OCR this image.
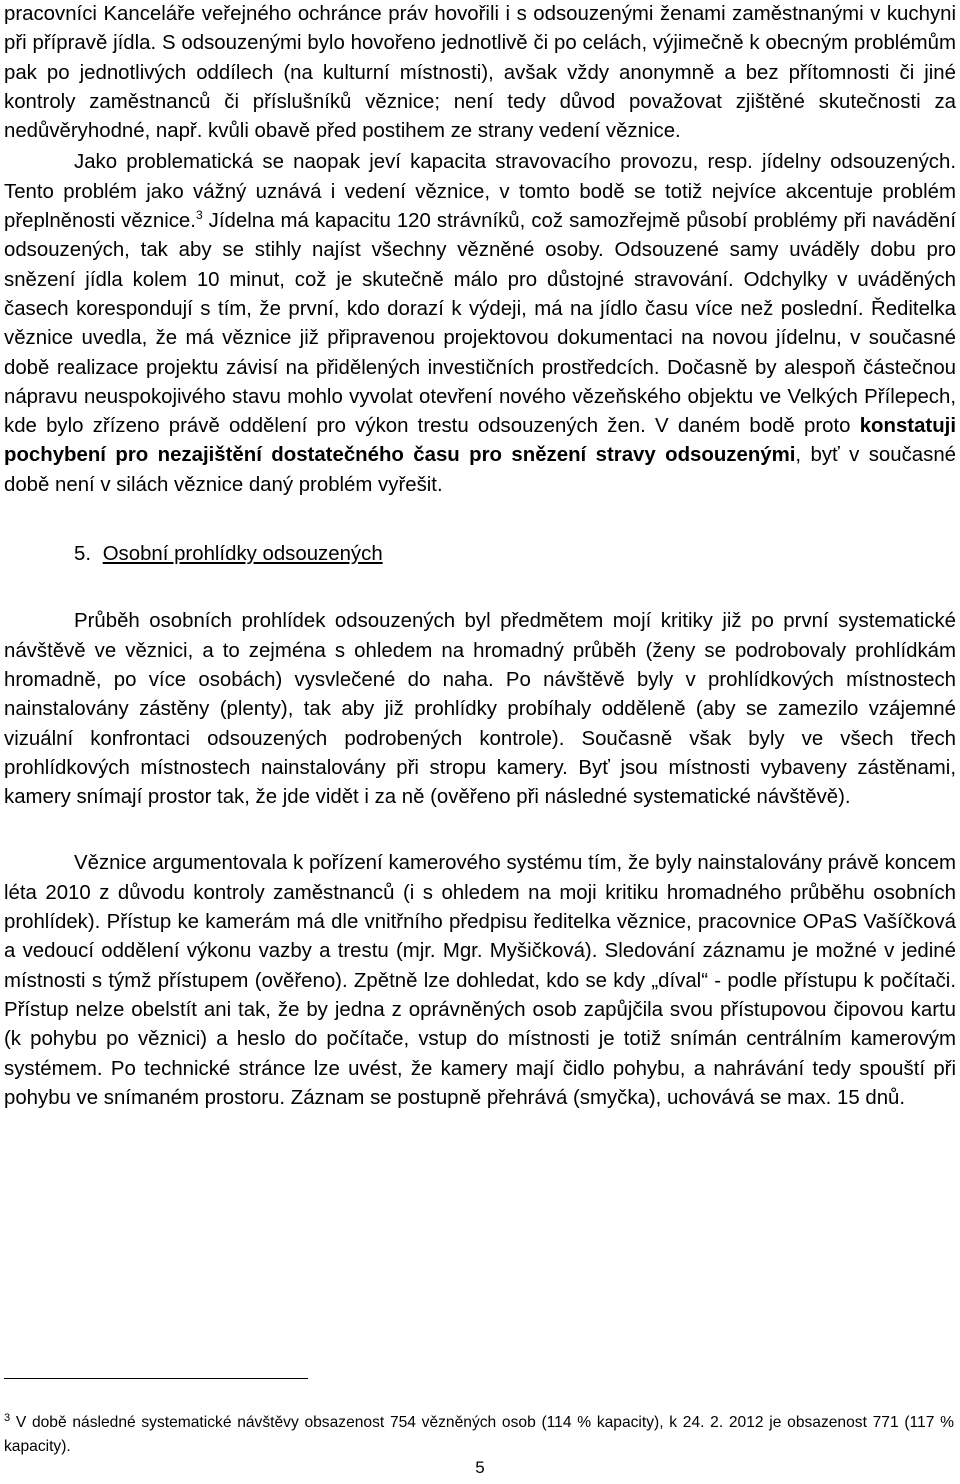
pracovníci Kanceláře veřejného ochránce práv hovořili i s odsouzenými ženami zaměstnanými v kuchyni při přípravě jídla. S odsouzenými bylo hovořeno jednotlivě či po celách, výjimečně k obecným problémům pak po jednotlivých oddílech (na kulturní místnosti), avšak vždy anonymně a bez přítomnosti či jiné kontroly zaměstnanců či příslušníků věznice; není tedy důvod považovat zjištěné skutečnosti za nedůvěryhodné, např. kvůli obavě před postihem ze strany vedení věznice.

Jako problematická se naopak jeví kapacita stravovacího provozu, resp. jídelny odsouzených. Tento problém jako vážný uznává i vedení věznice, v tomto bodě se totiž nejvíce akcentuje problém přeplněnosti věznice.$^3$ Jídelna má kapacitu 120 strávníků, což samozřejmě působí problémy při navádění odsouzených, tak aby se stihly najíst všechny vězněné osoby. Odsouzené samy uváděly dobu pro snězení jídla kolem 10 minut, což je skutečně málo pro důstojné stravování. Odchylky v uváděných časech korespondují s tím, že první, kdo dorazí k výdeji, má na jídlo času více než poslední. Ředitelka věznice uvedla, že má věznice již připravenou projektovou dokumentaci na novou jídelnu, v současné době realizace projektu závisí na přidělených investičních prostředcích. Dočasně by alespoň částečnou nápravu neuspokojivého stavu mohlo vyvolat otevření nového vězeňského objektu ve Velkých Přílepech, kde bylo zřízeno právě oddělení pro výkon trestu odsouzených žen. V daném bodě proto konstatuji pochybení pro nezajištění dostatečného času pro snězení stravy odsouzenými, byť v současné době není v silách věznice daný problém vyřešit.

5. Osobní prohlídky odsouzených

Průběh osobních prohlídek odsouzených byl předmětem mojí kritiky již po první systematické návštěvě ve věznici, a to zejména s ohledem na hromadný průběh (ženy se podrobovaly prohlídkám hromadně, po více osobách) vysvlečené do naha. Po návštěvě byly v prohlídkových místnostech nainstalovány zástěny (plenty), tak aby již prohlídky probíhaly odděleně (aby se zamezilo vzájemné vizuální konfrontaci odsouzených podrobených kontrole). Současně však byly ve všech třech prohlídkových místnostech nainstalovány při stropu kamery. Byť jsou místnosti vybaveny zástěnami, kamery snímají prostor tak, že jde vidět i za ně (ověřeno při následné systematické návštěvě).

Věznice argumentovala k pořízení kamerového systému tím, že byly nainstalovány právě koncem léta 2010 z důvodu kontroly zaměstnanců (i s ohledem na moji kritiku hromadného průběhu osobních prohlídek). Přístup ke kamerám má dle vnitřního předpisu ředitelka věznice, pracovnice OPaS Vašíčková a vedoucí oddělení výkonu vazby a trestu (mjr. Mgr. Myšičková). Sledování záznamu je možné v jediné místnosti s týmž přístupem (ověřeno). Zpětně lze dohledat, kdo se kdy „díval“ - podle přístupu k počítači. Přístup nelze obelstít ani tak, že by jedna z oprávněných osob zapůjčila svou přístupovou čipovou kartu (k pohybu po věznici) a heslo do počítače, vstup do místnosti je totiž snímán centrálním kamerovým systémem. Po technické stránce lze uvést, že kamery mají čidlo pohybu, a nahrávání tedy spouští při pohybu ve snímaném prostoru. Záznam se postupně přehrává (smyčka), uchovává se max. 15 dnů.

$^3$ V době následné systematické návštěvy obsazenost 754 vězněných osob (114 % kapacity), k 24. 2. 2012 je obsazenost 771 (117 % kapacity).
5
